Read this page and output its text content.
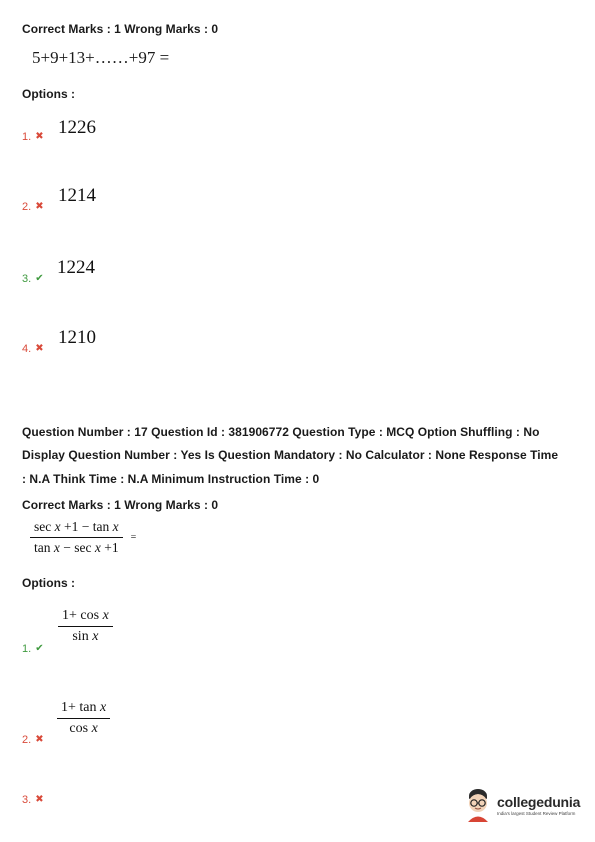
Correct Marks : 1 Wrong Marks : 0
5+9+13+……+97 =
Options :
1226
1. ✖
1214
2. ✖
1224
3. ✔
1210
4. ✖
Question Number : 17 Question Id : 381906772 Question Type : MCQ Option Shuffling : No
Display Question Number : Yes Is Question Mandatory : No Calculator : None Response Time
: N.A Think Time : N.A Minimum Instruction Time : 0
Correct Marks : 1 Wrong Marks : 0
$\frac{\text{sec x +1 − tan x}}{\text{tan x − sec x +1}}$ =
Options :
$\frac{\text{1+ cos x}}{\text{sin x}}$
1. ✔
$\frac{\text{1+ tan x}}{\text{cos x}}$
2. ✖
3. ✖	collegedunia
India's largest Student Review Platform
